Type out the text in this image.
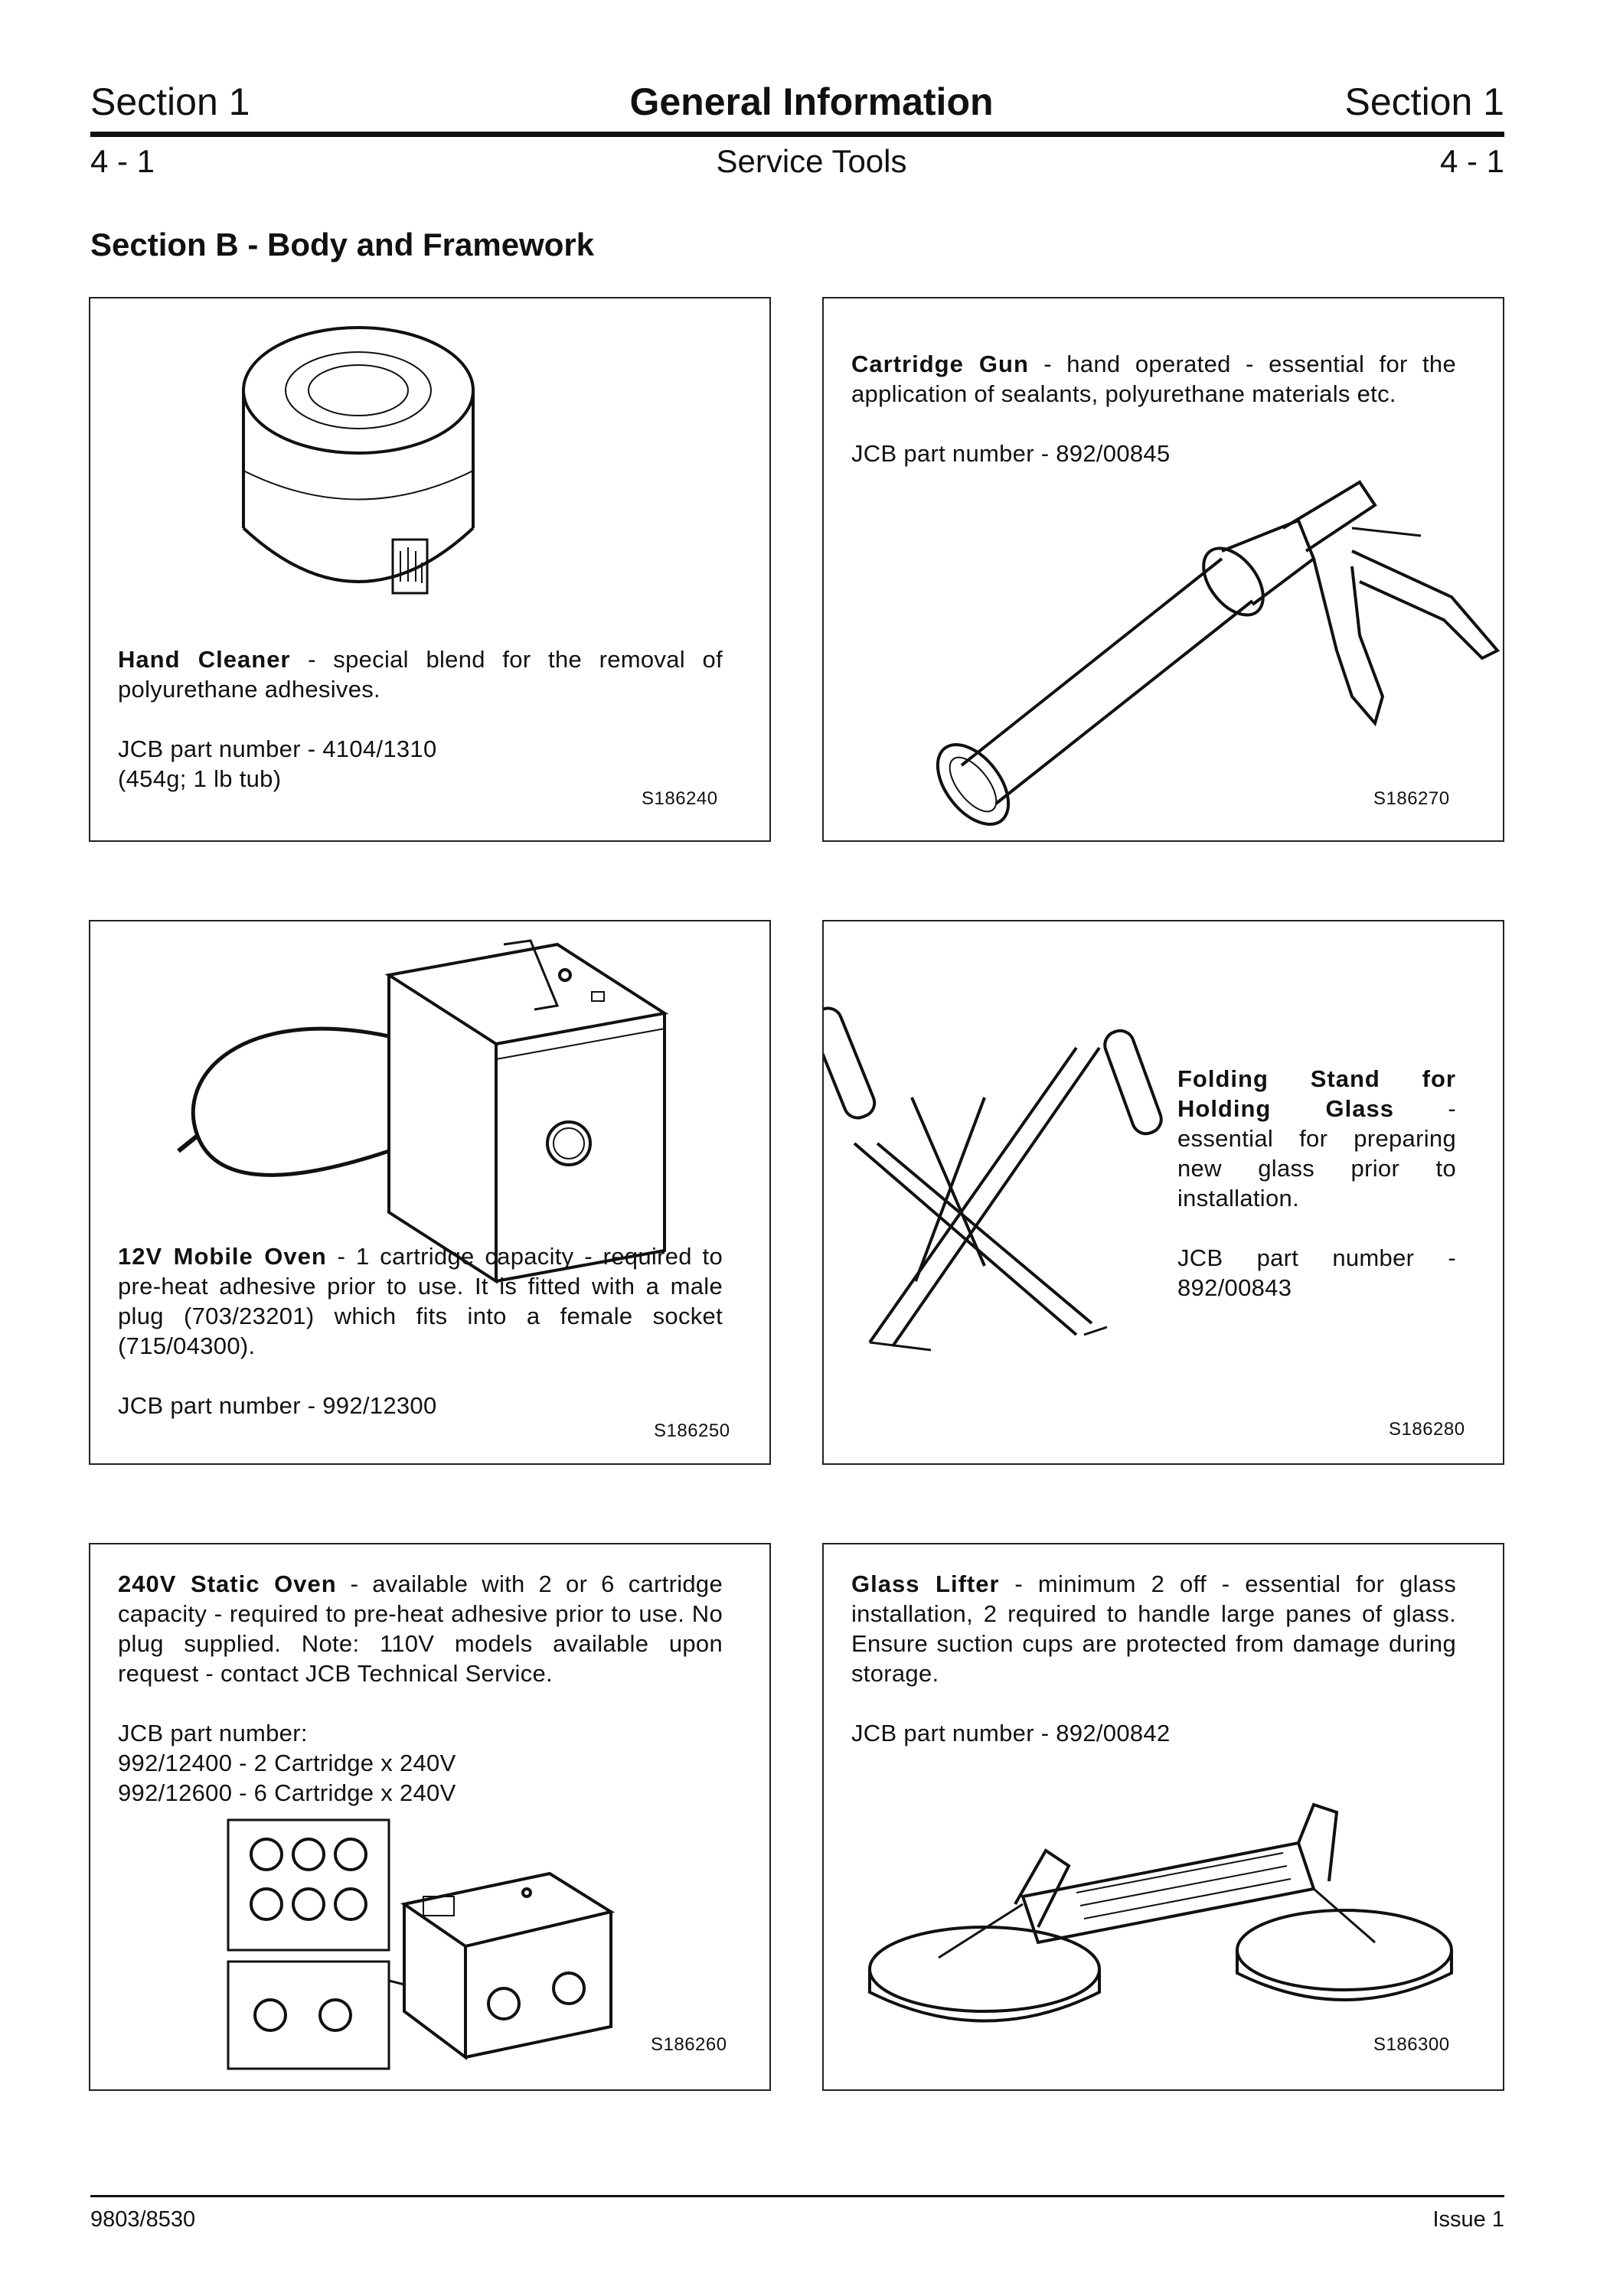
Section 1	General Information	Section 1
4 - 1	Service Tools	4 - 1
Section B - Body and Framework

Hand Cleaner - special blend for the removal of polyurethane adhesives.

JCB part number - 4104/1310

(454g; 1 lb tub)

S186240

Cartridge Gun - hand operated - essential for the application of sealants, polyurethane materials etc.

JCB part number - 892/00845

S186270

12V Mobile Oven - 1 cartridge capacity - required to pre-heat adhesive prior to use. It is fitted with a male plug (703/23201) which fits into a female socket (715/04300).

JCB part number - 992/12300

S186250

Folding Stand for Holding Glass - essential for preparing new glass prior to installation.

JCB part number - 892/00843

S186280

240V Static Oven - available with 2 or 6 cartridge capacity - required to pre-heat adhesive prior to use. No plug supplied. Note: 110V models available upon request - contact JCB Technical Service.

JCB part number:

992/12400 - 2 Cartridge x 240V

992/12600 - 6 Cartridge x 240V

S186260

Glass Lifter - minimum 2 off - essential for glass installation, 2 required to handle large panes of glass. Ensure suction cups are protected from damage during storage.

JCB part number - 892/00842

S186300
9803/8530	Issue 1
